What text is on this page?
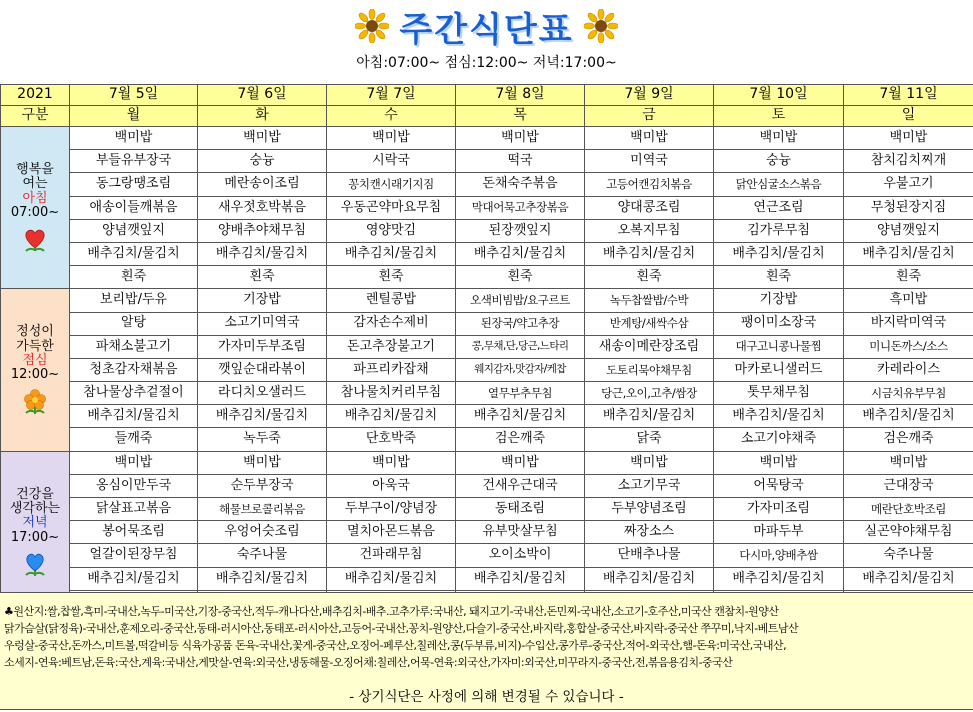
주간식단표
아침:07:00~ 점심:12:00~ 저녁:17:00~
2021	7월 5일	7월 6일	7월 7일	7월 8일	7월 9일	7월 10일	7월 11일
구분	월	화	수	목	금	토	일

행복을
여는
아침
07:00~	백미밥	백미밥	백미밥	백미밥	백미밥	백미밥	백미밥
	부들유부장국	숭늉	시락국	떡국	미역국	숭늉	참치김치찌개
	동그랑땡조림	메란송이조림	꽁치캔시래기지짐	돈채숙주볶음	고등어캔김치볶음	닭안심굴소스볶음	우불고기
	애송이들깨볶음	새우젓호박볶음	우동곤약마요무침	막대어묵고추장볶음	양대콩조림	연근조림	무청된장지짐
	양념깻잎지	양배추야채무침	영양맛김	된장깻잎지	오복지무침	김가루무침	양념깻잎지
	배추김치/물김치	배추김치/물김치	배추김치/물김치	배추김치/물김치	배추김치/물김치	배추김치/물김치	배추김치/물김치
	흰죽	흰죽	흰죽	흰죽	흰죽	흰죽	흰죽

정성이
가득한
점심
12:00~	보리밥/두유	기장밥	렌틸콩밥	오색비빔밥/요구르트	녹두찹쌀밥/수박	기장밥	흑미밥
	알탕	소고기미역국	감자손수제비	된장국/약고추장	반계탕/새싹수삼	팽이미소장국	바지락미역국
	파채소불고기	가자미두부조림	돈고추장불고기	콩,무채,단,당근,느타리	새송이메란장조림	대구고니콩나물찜	미니돈까스/소스
	청초감자채볶음	깻잎순대라볶이	파프리카잡채	웨지감자,맛감자/케찹	도토리묵야채무침	마카로니샐러드	카레라이스
	참나물상추겉절이	라디치오샐러드	참나물치커리무침	열무부추무침	당근,오이,고추/쌈장	톳무채무침	시금치유부무침
	배추김치/물김치	배추김치/물김치	배추김치/물김치	배추김치/물김치	배추김치/물김치	배추김치/물김치	배추김치/물김치
	들깨죽	녹두죽	단호박죽	검은깨죽	닭죽	소고기야채죽	검은깨죽

건강을
생각하는
저녁
17:00~	백미밥	백미밥	백미밥	백미밥	백미밥	백미밥	백미밥
	옹심이만두국	순두부장국	아욱국	건새우근대국	소고기무국	어묵탕국	근대장국
	닭살표고볶음	해물브로콜리볶음	두부구이/양념장	동태조림	두부양념조림	가자미조림	메란단호박조림
	봉어묵조림	우엉어슷조림	멸치아몬드볶음	유부맛살무침	짜장소스	마파두부	실곤약야채무침
	얼갈이된장무침	숙주나물	건파래무침	오이소박이	단배추나물	다시마,양배추쌈	숙주나물
	배추김치/물김치	배추김치/물김치	배추김치/물김치	배추김치/물김치	배추김치/물김치	배추김치/물김치	배추김치/물김치

♣원산지:쌀,찹쌀,흑미-국내산,녹두-미국산,기장-중국산,적두-캐나다산,배추김치-배추.고추가루:국내산, 돼지고기-국내산,돈민찌-국내산,소고기-호주산,미국산 캔참치-원양산

닭가슴살(닭정육)-국내산,훈제오리-중국산,동태-러시아산,동태포-러시아산,고등어-국내산,꽁치-원양산,다슬기-중국산,바지락,홍합살-중국산,바지락-중국산 쭈꾸미,낙지-베트남산

우렁살-중국산,돈까스,미트볼,떡갈비등 식육가공품 돈육-국내산,꽃게-중국산,오징어-페루산,칠레산,콩(두부류,비지)-수입산,콩가루-중국산,적어-외국산,햄-돈육:미국산,국내산,

소세지-연육:베트남,돈육:국산,계육:국내산,게맛살-연육:외국산,냉동해물-오징어채:칠레산,어묵-연육:외국산,가자미:외국산,미꾸라지-중국산,전,볶음용김치-중국산

- 상기식단은 사정에 의해 변경될 수 있습니다 -
